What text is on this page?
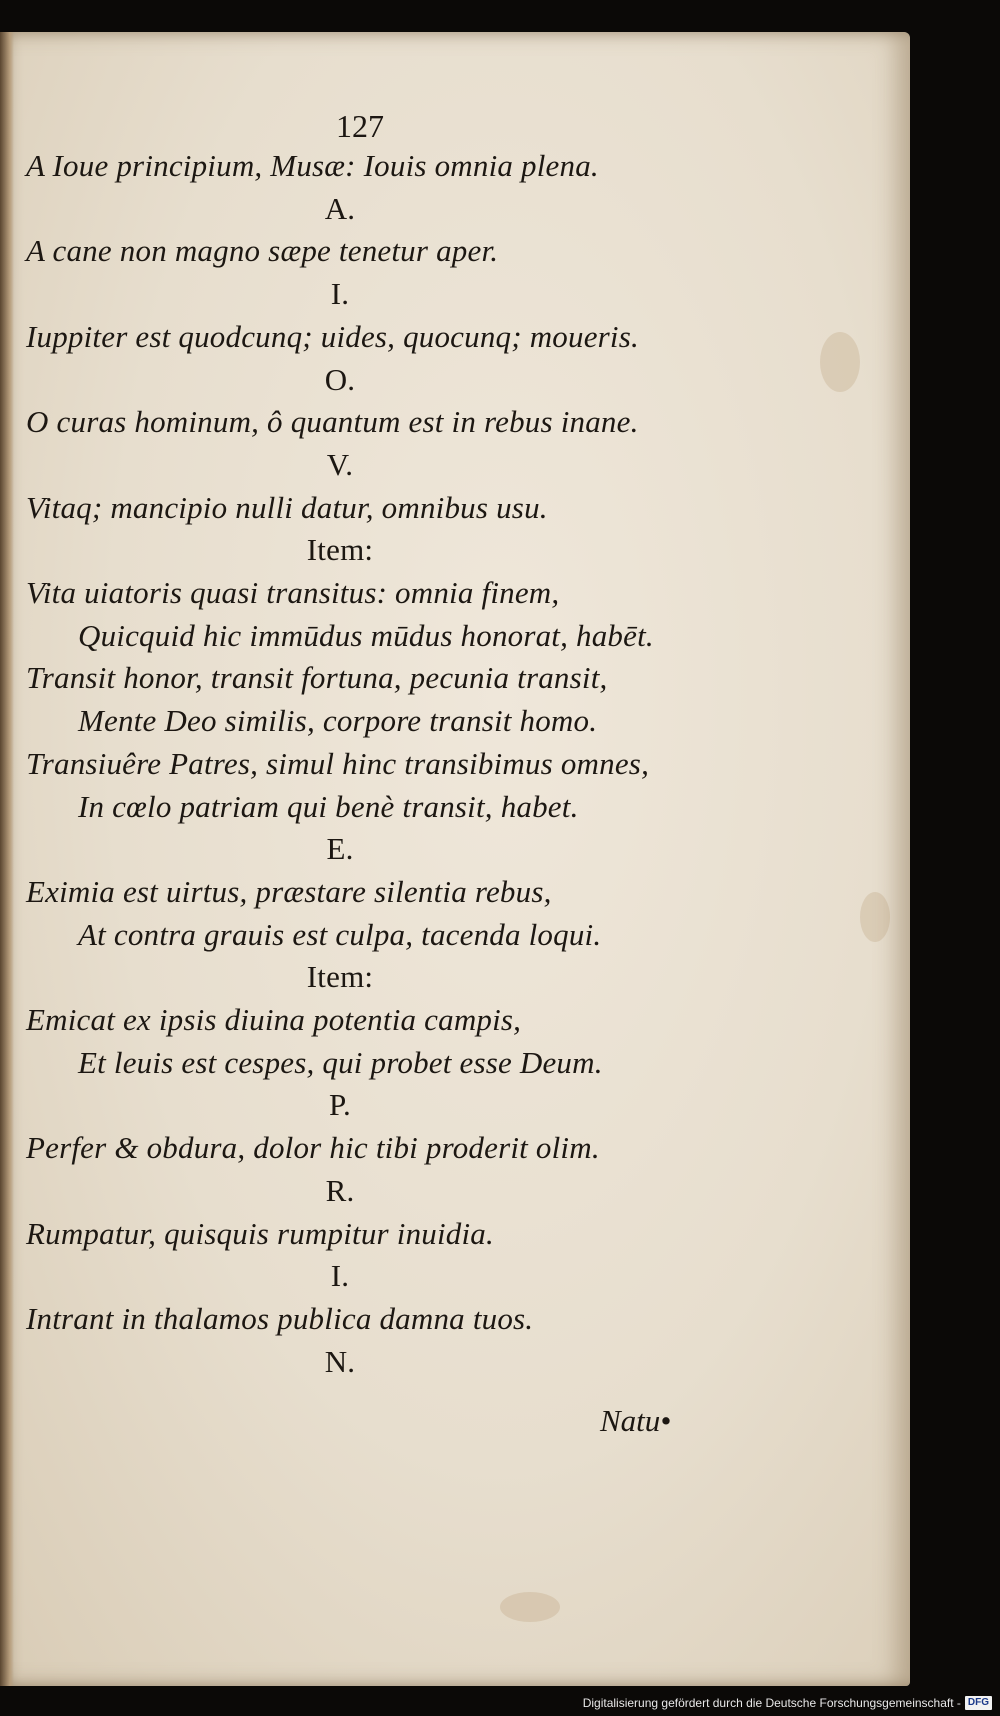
127
A Ioue principium, Musæ: Iouis omnia plena.
A.
A cane non magno sæpe tenetur aper.
I.
Iuppiter est quodcunq; uides, quocunq; moueris.
O.
O curas hominum, ô quantum est in rebus inane.
V.
Vitaq; mancipio nulli datur, omnibus usu.
Item:
Vita uiatoris quasi transitus: omnia finem,
Quicquid hic immūdus mūdus honorat, habēt.
Transit honor, transit fortuna, pecunia transit,
Mente Deo similis, corpore transit homo.
Transiuêre Patres, simul hinc transibimus omnes,
In cœlo patriam qui benè transit, habet.
E.
Eximia est uirtus, præstare silentia rebus,
At contra grauis est culpa, tacenda loqui.
Item:
Emicat ex ipsis diuina potentia campis,
Et leuis est cespes, qui probet esse Deum.
P.
Perfer & obdura, dolor hic tibi proderit olim.
R.
Rumpatur, quisquis rumpitur inuidia.
I.
Intrant in thalamos publica damna tuos.
N.
Natu•
Digitalisierung gefördert durch die Deutsche Forschungsgemeinschaft - DFG
